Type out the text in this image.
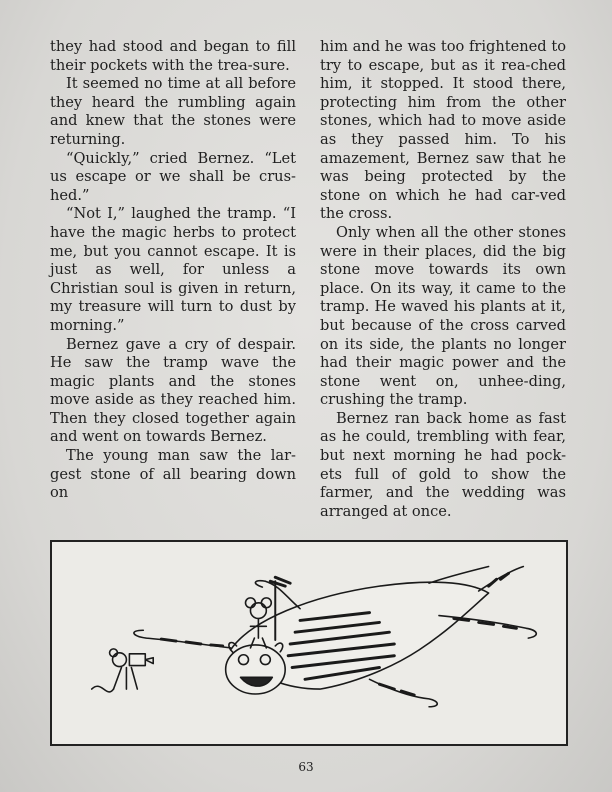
they had stood and began to fill their pockets with the trea-sure.

It seemed no time at all before they heard the rumbling again and knew that the stones were returning.

“Quickly,” cried Bernez. “Let us escape or we shall be crus-hed.”

“Not I,” laughed the tramp. “I have the magic herbs to protect me, but you cannot escape. It is just as well, for unless a Christian soul is given in return, my treasure will turn to dust by morning.”

Bernez gave a cry of despair. He saw the tramp wave the magic plants and the stones move aside as they reached him. Then they closed together again and went on towards Bernez.

The young man saw the lar-gest stone of all bearing down on

him and he was too frightened to try to escape, but as it rea-ched him, it stopped. It stood there, protecting him from the other stones, which had to move aside as they passed him. To his amazement, Bernez saw that he was being protected by the stone on which he had car-ved the cross.

Only when all the other stones were in their places, did the big stone move towards its own place. On its way, it came to the tramp. He waved his plants at it, but because of the cross carved on its side, the plants no longer had their magic power and the stone went on, unhee-ding, crushing the tramp.

Bernez ran back home as fast as he could, trembling with fear, but next morning he had pock-ets full of gold to show the farmer, and the wedding was arranged at once.

63
